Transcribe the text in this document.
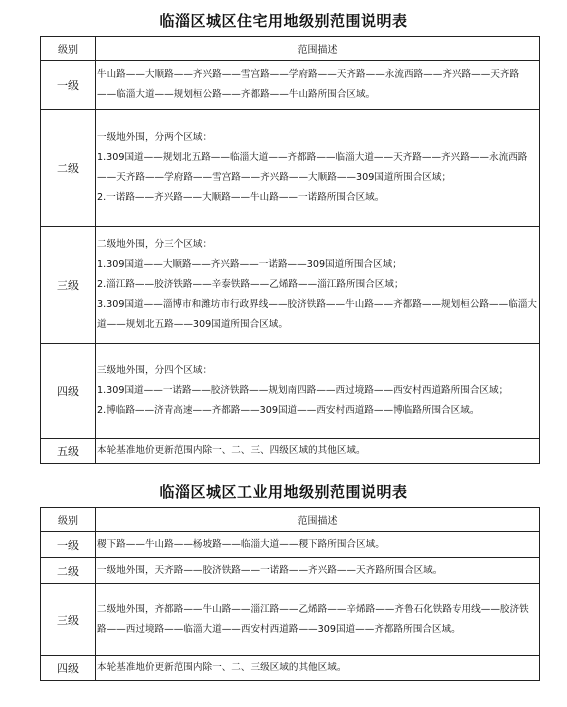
临淄区城区住宅用地级别范围说明表
级别	范围描述
一级	牛山路——大顺路——齐兴路——雪宫路——学府路——天齐路——永流西路——齐兴路——天齐路——临淄大道——规划桓公路——齐都路——牛山路所围合区域。

二级	一级地外围，分两个区域：
1.309国道——规划北五路——临淄大道——齐都路——临淄大道——天齐路——齐兴路——永流西路——天齐路——学府路——雪宫路——齐兴路——大顺路——309国道所围合区域；
2.一诺路——齐兴路——大顺路——牛山路——一诺路所围合区域。

三级	二级地外围，分三个区域：
1.309国道——大顺路——齐兴路——一诺路——309国道所围合区域；
2.淄江路——胶济铁路——辛泰铁路——乙烯路——淄江路所围合区域；
3.309国道——淄博市和潍坊市行政界线——胶济铁路——牛山路——齐都路——规划桓公路——临淄大道——规划北五路——309国道所围合区域。

四级	三级地外围，分四个区域：
1.309国道——一诺路——胶济铁路——规划南四路——西过境路——西安村西道路所围合区域；
2.博临路——济青高速——齐都路——309国道——西安村西道路——博临路所围合区域。

五级	本轮基准地价更新范围内除一、二、三、四级区域的其他区域。
临淄区城区工业用地级别范围说明表
级别	范围描述
一级	稷下路——牛山路——杨坡路——临淄大道——稷下路所围合区域。

二级	一级地外围，天齐路——胶济铁路——一诺路——齐兴路——天齐路所围合区域。

三级	二级地外围，齐都路——牛山路——淄江路——乙烯路——辛烯路——齐鲁石化铁路专用线——胶济铁路——西过境路——临淄大道——西安村西道路——309国道——齐都路所围合区域。

四级	本轮基准地价更新范围内除一、二、三级区域的其他区域。
